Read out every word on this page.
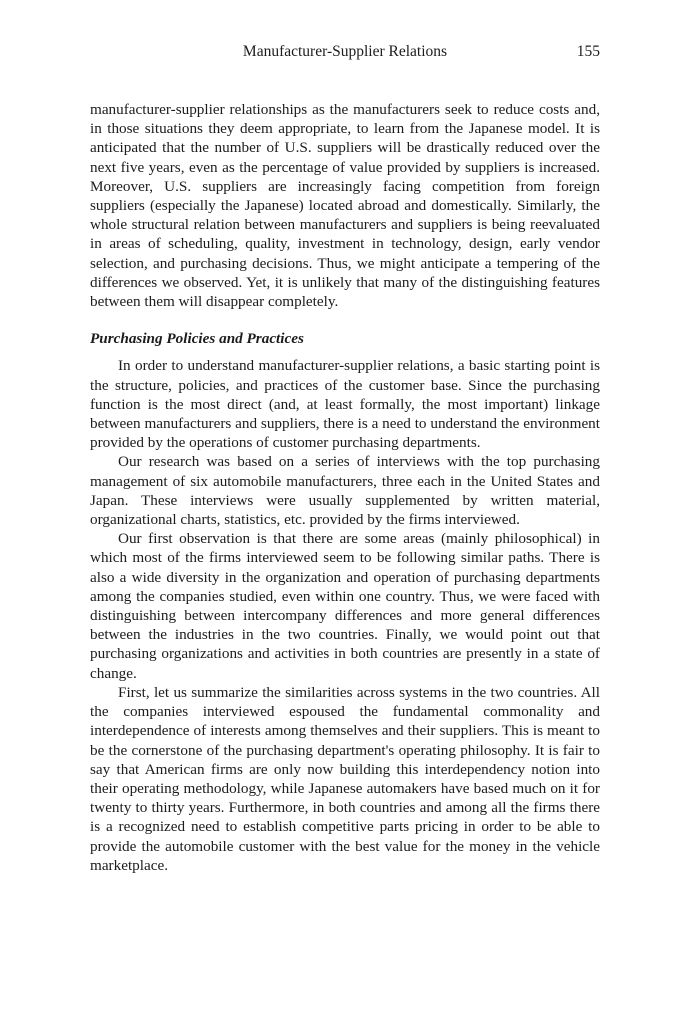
Manufacturer-Supplier Relations	155

manufacturer-supplier relationships as the manufacturers seek to reduce costs and, in those situations they deem appropriate, to learn from the Japanese model. It is anticipated that the number of U.S. suppliers will be drastically reduced over the next five years, even as the percentage of value provided by suppliers is increased. Moreover, U.S. suppliers are increasingly facing competition from foreign suppliers (especially the Japanese) located abroad and domestically. Similarly, the whole structural relation between manufacturers and suppliers is being reevaluated in areas of scheduling, quality, investment in technology, design, early vendor selection, and purchasing decisions. Thus, we might anticipate a tempering of the differences we observed. Yet, it is unlikely that many of the distinguishing features between them will disappear completely.

Purchasing Policies and Practices

In order to understand manufacturer-supplier relations, a basic starting point is the structure, policies, and practices of the customer base. Since the purchasing function is the most direct (and, at least formally, the most important) linkage between manufacturers and suppliers, there is a need to understand the environment provided by the operations of customer purchasing departments.

Our research was based on a series of interviews with the top purchasing management of six automobile manufacturers, three each in the United States and Japan. These interviews were usually supplemented by written material, organizational charts, statistics, etc. provided by the firms interviewed.

Our first observation is that there are some areas (mainly philosophical) in which most of the firms interviewed seem to be following similar paths. There is also a wide diversity in the organization and operation of purchasing departments among the companies studied, even within one country. Thus, we were faced with distinguishing between intercompany differences and more general differences between the industries in the two countries. Finally, we would point out that purchasing organizations and activities in both countries are presently in a state of change.

First, let us summarize the similarities across systems in the two countries. All the companies interviewed espoused the fundamental commonality and interdependence of interests among themselves and their suppliers. This is meant to be the cornerstone of the purchasing department's operating philosophy. It is fair to say that American firms are only now building this interdependency notion into their operating methodology, while Japanese automakers have based much on it for twenty to thirty years. Furthermore, in both countries and among all the firms there is a recognized need to establish competitive parts pricing in order to be able to provide the automobile customer with the best value for the money in the vehicle marketplace.
